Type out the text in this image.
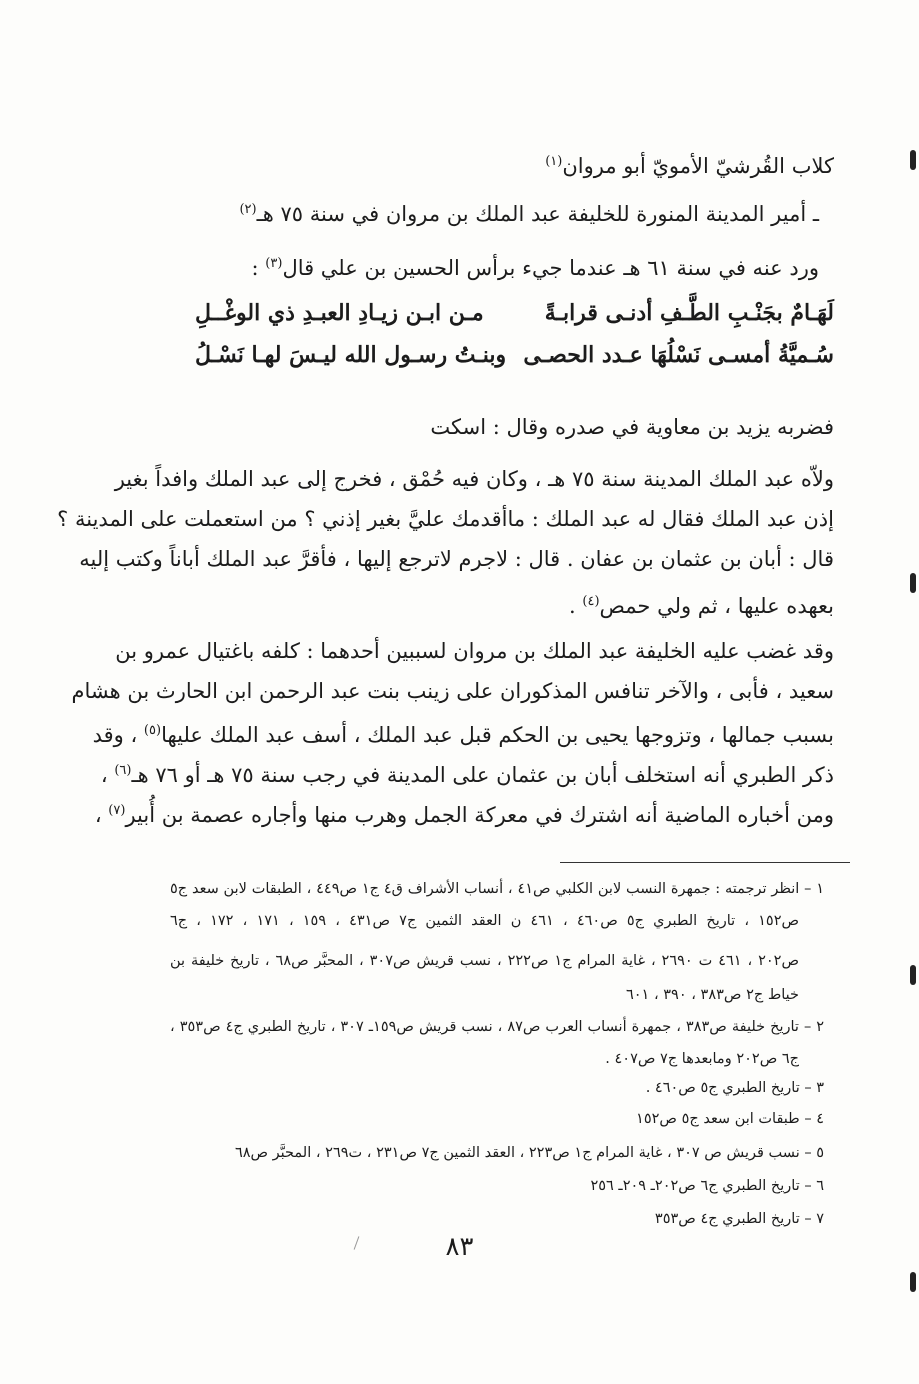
كلاب القُرشيّ الأمويّ أبو مروان$^{(١)}$
ـ أمير المدينة المنورة للخليفة عبد الملك بن مروان في سنة ٧٥ هـ$^{(٢)}$
ورد عنه في سنة ٦١ هـ عندما جيء برأس الحسين بن علي قال$^{(٣)}$ :
لَهَـامٌ بجَنْـبِ الطَّـفِ أدنـى قرابـةً
مـن ابـن زيـادِ العبـدِ ذي الوغْــلِ
سُـميَّةُ أمسـى نَسْلُهَا عـدد الحصـى
وبنـتُ رسـول الله ليـسَ لهـا نَسْـلُ
فضربه يزيد بن معاوية في صدره وقال : اسكت
ولاّه عبد الملك المدينة سنة ٧٥ هـ ، وكان فيه حُمْق ، فخرج إلى عبد الملك وافداً بغير
إذن عبد الملك فقال له عبد الملك : ماأقدمك عليَّ بغير إذني ؟ من استعملت على المدينة ؟
قال : أبان بن عثمان بن عفان . قال : لاجرم لاترجع إليها ، فأقرَّ عبد الملك أباناً وكتب إليه
بعهده عليها ، ثم ولي حمص$^{(٤)}$ .
وقد غضب عليه الخليفة عبد الملك بن مروان لسببين أحدهما : كلفه باغتيال عمرو بن
سعيد ، فأبى ، والآخر تنافس المذكوران على زينب بنت عبد الرحمن ابن الحارث بن هشام
بسبب جمالها ، وتزوجها يحيى بن الحكم قبل عبد الملك ، أسف عبد الملك عليها$^{(٥)}$ ، وقد
ذكر الطبري أنه استخلف أبان بن عثمان على المدينة في رجب سنة ٧٥ هـ أو ٧٦ هـ$^{(٦)}$ ،
ومن أخباره الماضية أنه اشترك في معركة الجمل وهرب منها وأجاره عصمة بن أُبير$^{(٧)}$ ،
١ – انظر ترجمته : جمهرة النسب لابن الكلبي ص٤١ ، أنساب الأشراف ق٤ ج١ ص٤٤٩ ، الطبقات لابن سعد ج٥
ص١٥٢ ، تاريخ الطبري ج٥ ص٤٦٠ ، ٤٦١ ن العقد الثمين ج٧ ص٤٣١ ، ١٥٩ ، ١٧١ ، ١٧٢ ، ج٦
ص٢٠٢ ، ٤٦١ ت ٢٦٩٠ ، غاية المرام ج١ ص٢٢٢ ، نسب قريش ص٣٠٧ ، المحبَّر ص٦٨ ، تاريخ خليفة بن
خياط ج٢ ص٣٨٣ ، ٣٩٠ ، ٦٠١
٢ – تاريخ خليفة ص٣٨٣ ، جمهرة أنساب العرب ص٨٧ ، نسب قريش ص١٥٩ـ ٣٠٧ ، تاريخ الطبري ج٤ ص٣٥٣ ،
ج٦ ص٢٠٢ ومابعدها ج٧ ص٤٠٧ .
٣ – تاريخ الطبري ج٥ ص٤٦٠ .
٤ – طبقات ابن سعد ج٥ ص١٥٢
٥ – نسب قريش ص ٣٠٧ ، غاية المرام ج١ ص٢٢٣ ، العقد الثمين ج٧ ص٢٣١ ، ت٢٦٩ ، المحبَّر ص٦٨
٦ – تاريخ الطبري ج٦ ص٢٠٢ـ ٢٠٩ـ ٢٥٦
٧ – تاريخ الطبري ج٤ ص٣٥٣
٨٣
